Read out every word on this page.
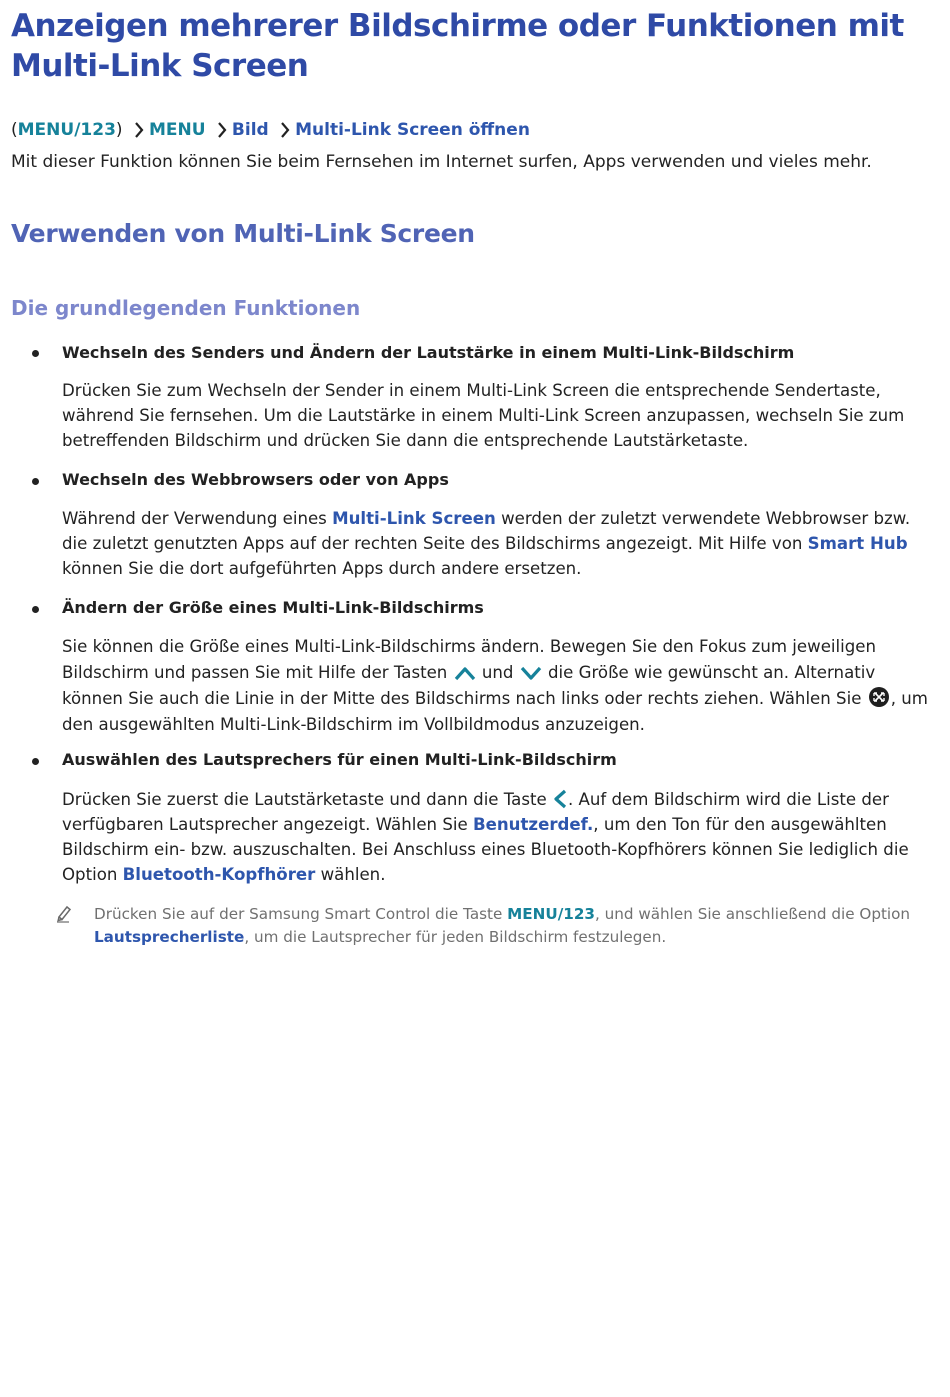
Anzeigen mehrerer Bildschirme oder Funktionen mit Multi-Link Screen
(MENU/123) MENU Bild Multi-Link Screen öffnen
Mit dieser Funktion können Sie beim Fernsehen im Internet surfen, Apps verwenden und vieles mehr.
Verwenden von Multi-Link Screen
Die grundlegenden Funktionen
Wechseln des Senders und Ändern der Lautstärke in einem Multi-Link-Bildschirm
Drücken Sie zum Wechseln der Sender in einem Multi-Link Screen die entsprechende Sendertaste, während Sie fernsehen. Um die Lautstärke in einem Multi-Link Screen anzupassen, wechseln Sie zum betreffenden Bildschirm und drücken Sie dann die entsprechende Lautstärketaste.
Wechseln des Webbrowsers oder von Apps
Während der Verwendung eines Multi-Link Screen werden der zuletzt verwendete Webbrowser bzw. die zuletzt genutzten Apps auf der rechten Seite des Bildschirms angezeigt. Mit Hilfe von Smart Hub können Sie die dort aufgeführten Apps durch andere ersetzen.
Ändern der Größe eines Multi-Link-Bildschirms
Sie können die Größe eines Multi-Link-Bildschirms ändern. Bewegen Sie den Fokus zum jeweiligen Bildschirm und passen Sie mit Hilfe der Tasten  und  die Größe wie gewünscht an. Alternativ können Sie auch die Linie in der Mitte des Bildschirms nach links oder rechts ziehen. Wählen Sie , um den ausgewählten Multi-Link-Bildschirm im Vollbildmodus anzuzeigen.
Auswählen des Lautsprechers für einen Multi-Link-Bildschirm
Drücken Sie zuerst die Lautstärketaste und dann die Taste . Auf dem Bildschirm wird die Liste der verfügbaren Lautsprecher angezeigt. Wählen Sie Benutzerdef., um den Ton für den ausgewählten Bildschirm ein- bzw. auszuschalten. Bei Anschluss eines Bluetooth-Kopfhörers können Sie lediglich die Option Bluetooth-Kopfhörer wählen.
Drücken Sie auf der Samsung Smart Control die Taste MENU/123, und wählen Sie anschließend die Option Lautsprecherliste, um die Lautsprecher für jeden Bildschirm festzulegen.
